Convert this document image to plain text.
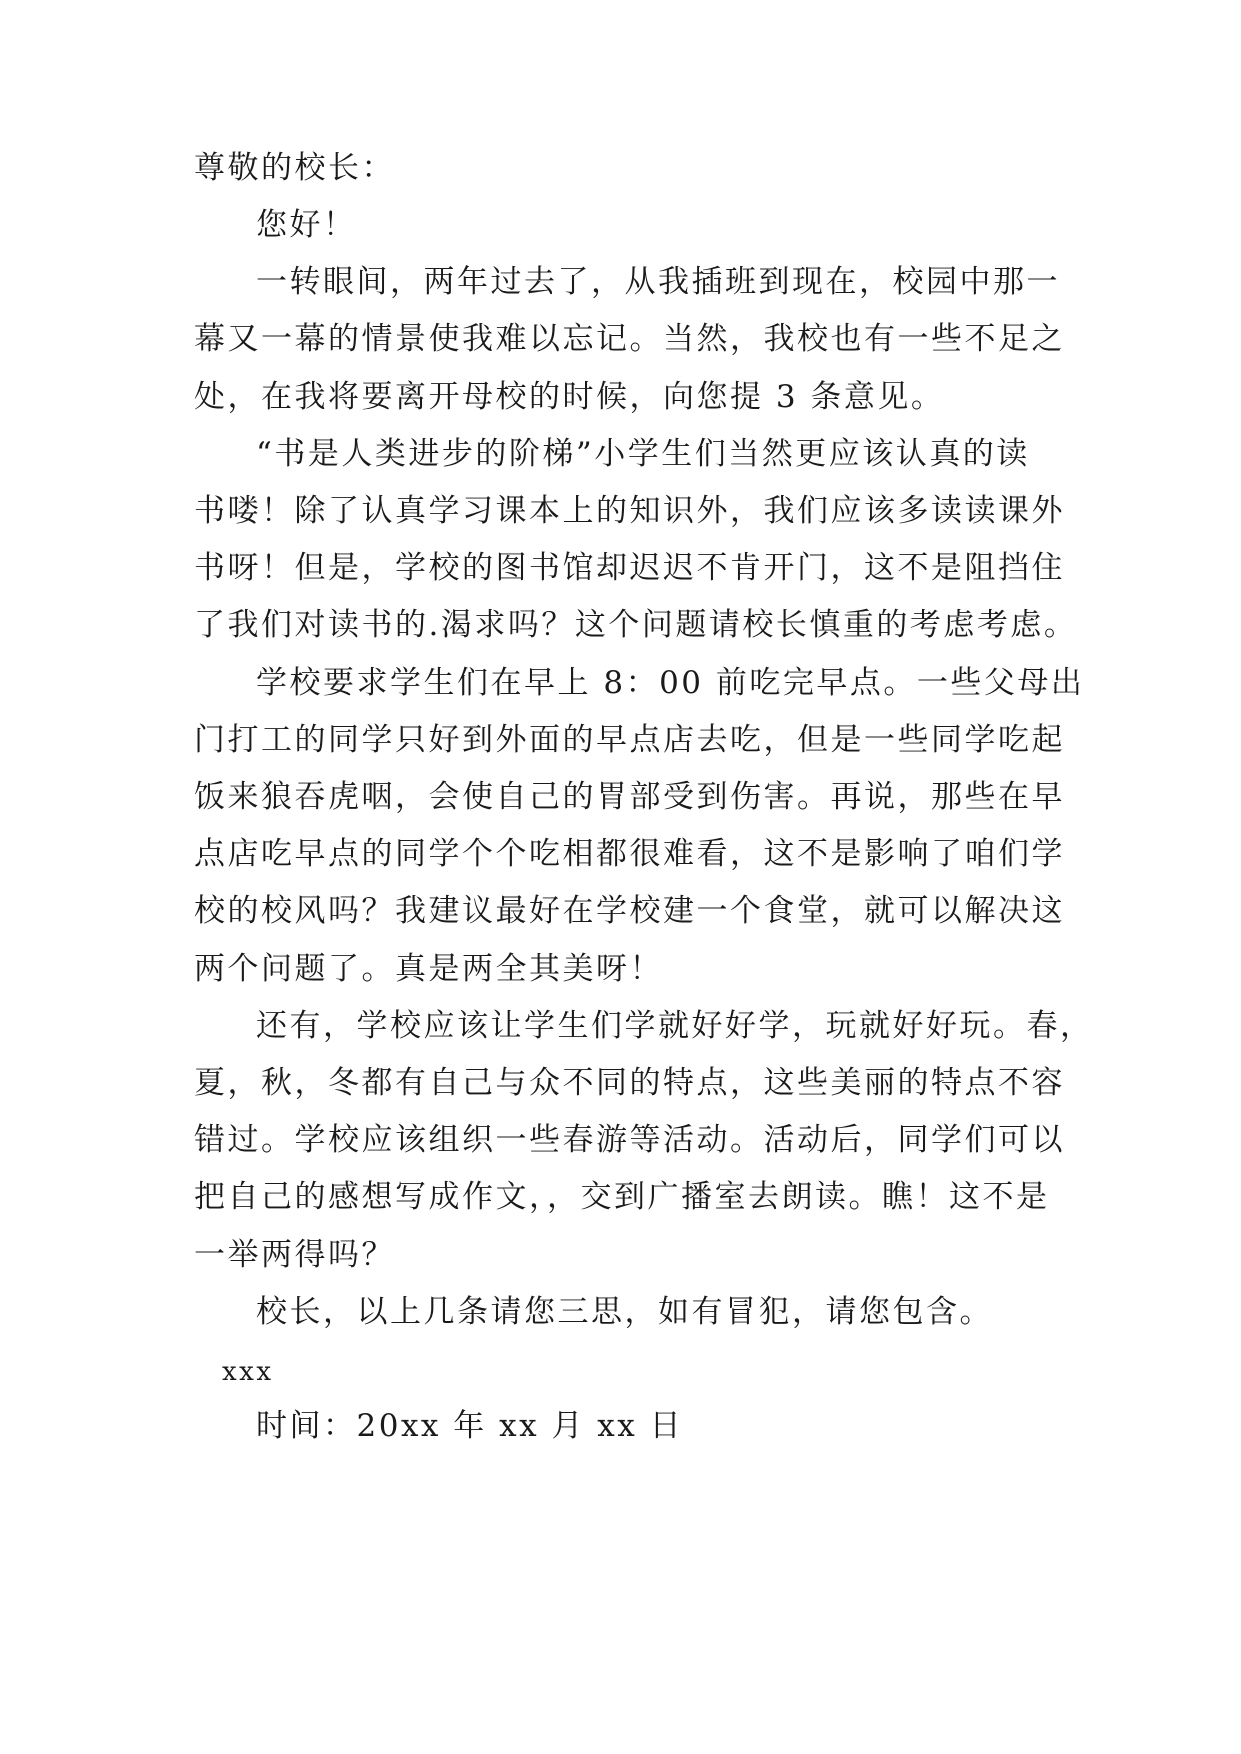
尊敬的校长：
您好！
一转眼间，两年过去了，从我插班到现在，校园中那一
幕又一幕的情景使我难以忘记。当然，我校也有一些不足之
处，在我将要离开母校的时候，向您提 3 条意见。
“书是人类进步的阶梯”小学生们当然更应该认真的读
书喽！除了认真学习课本上的知识外，我们应该多读读课外
书呀！但是，学校的图书馆却迟迟不肯开门，这不是阻挡住
了我们对读书的.渴求吗？这个问题请校长慎重的考虑考虑。
学校要求学生们在早上 8：00 前吃完早点。一些父母出
门打工的同学只好到外面的早点店去吃，但是一些同学吃起
饭来狼吞虎咽，会使自己的胃部受到伤害。再说，那些在早
点店吃早点的同学个个吃相都很难看，这不是影响了咱们学
校的校风吗？我建议最好在学校建一个食堂，就可以解决这
两个问题了。真是两全其美呀！
还有，学校应该让学生们学就好好学，玩就好好玩。春，
夏，秋，冬都有自己与众不同的特点，这些美丽的特点不容
错过。学校应该组织一些春游等活动。活动后，同学们可以
把自己的感想写成作文，，交到广播室去朗读。瞧！这不是
一举两得吗？
校长，以上几条请您三思，如有冒犯，请您包含。
xxx
时间：20xx 年 xx 月 xx 日
